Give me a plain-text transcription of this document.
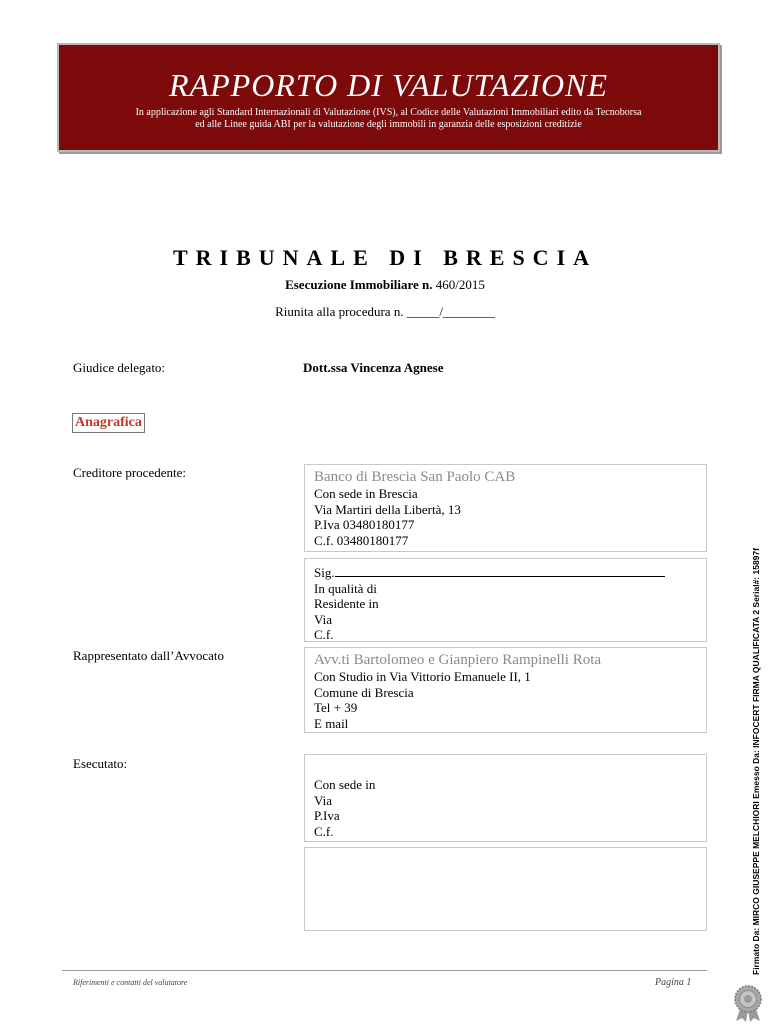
RAPPORTO DI VALUTAZIONE
In applicazione agli Standard Internazionali di Valutazione (IVS), al Codice delle Valutazioni Immobiliari edito da Tecnoborsa
ed alle Linee guida ABI per la valutazione degli immobili in garanzia delle esposizioni creditizie
TRIBUNALE DI BRESCIA
Esecuzione Immobiliare n. 460/2015
Riunita alla procedura n. _____/________
Giudice delegato:	Dott.ssa Vincenza Agnese
Anagrafica
Creditore procedente:	Banco di Brescia San Paolo CAB
Con sede in Brescia
Via Martiri della Libertà, 13
P.Iva 03480180177
C.f. 03480180177
Sig.
In qualità di
Residente in
Via
C.f.
Rappresentato dall’Avvocato	Avv.ti Bartolomeo e Gianpiero Rampinelli Rota
Con Studio in Via Vittorio Emanuele II, 1
Comune di Brescia
Tel + 39
E mail
Esecutato:
Con sede in
Via
P.Iva
C.f.
Riferimenti e contatti del valutatore	Pagina 1
Firmato Da: MIRCO GIUSEPPE MELCHIORI Emesso Da: INFOCERT FIRMA QUALIFICATA 2 Serial#: 15897f
